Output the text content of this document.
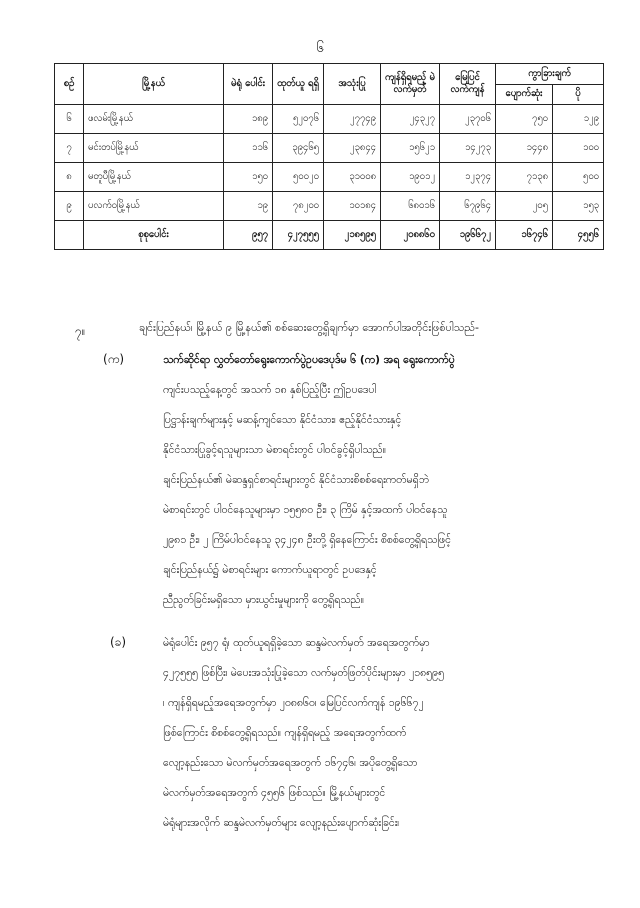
၆
စဉ်	မြို့နယ်	မဲရုံ ပေါင်း	ထုတ်ယူ ရရှိ	အသုံးပြု	ကျန်ရှိရမည့် မဲလက်မှတ်	မြေပြင် လက်ကျန်	ကွာခြားချက်	
							ပျောက်ဆုံး	ပို
၆	ဖလမ်းမြို့နယ်	၁၈၉	၅၂၀၇၆	၂၇၇၄၉	၂၄၃၂၇	၂၃၇၀၆	၇၅၀	၁၂၉
၇	မင်းတပ်မြို့နယ်	၁၁၆	၃၉၄၆၅	၂၃၈၄၄	၁၅၆၂၁	၁၄၂၇၃	၁၄၄၈	၁၀၀
၈	မတူပီမြို့နယ်	၁၅၀	၅၀၀၂၀	၃၁၀၀၈	၁၉၀၁၂	၁၂၃၇၄	၇၁၃၈	၅၀၀
၉	ပလက်ဝမြို့နယ်	၁၉	၇၈၂၀၀	၁၀၁၈၄	၆၈၀၁၆	၆၇၉၆၄	၂၀၅	၁၅၃
	စုစုပေါင်း	၉၅၇	၄၂၇၅၅၅	၂၁၈၅၉၅	၂၀၈၈၆၀	၁၉၆၆၇၂	၁၆၇၄၆	၄၅၅၆
၇။	ချင်းပြည်နယ်၊ မြို့နယ် ၉ မြို့နယ်၏ စစ်ဆေးတွေ့ရှိချက်မှာ အောက်ပါအတိုင်းဖြစ်ပါသည်-
(က)	သက်ဆိုင်ရာ လွှတ်တော်ရွေးကောက်ပွဲဥပဒေပုဒ်မ ၆ (က) အရ ရွေးကောက်ပွဲ
ကျင်းပသည့်နေ့တွင် အသက် ၁၈ နှစ်ပြည့်ပြီး ဤဥပဒေပါ
ပြဋ္ဌာန်းချက်များနှင့် မဆန့်ကျင်သော နိုင်ငံသား၊ ဧည့်နိုင်ငံသားနှင့်
နိုင်ငံသားပြုခွင့်ရသူများသာ မဲစာရင်းတွင် ပါဝင်ခွင့်ရှိပါသည်။
ချင်းပြည်နယ်၏ မဲဆန္ဒရှင်စာရင်းများတွင် နိုင်ငံသားစိစစ်ရေးကတ်မရှိဘဲ
မဲစာရင်းတွင် ပါဝင်နေသူများမှာ ၁၅၅၈၀ ဦး၊ ၃ ကြိမ် နှင့်အထက် ပါဝင်နေသူ
၂၉၈၁ ဦး၊ ၂ ကြိမ်ပါဝင်နေသူ ၃၄၂၄၈ ဦးတို့ ရှိနေကြောင်း စိစစ်တွေ့ရှိရသဖြင့်
ချင်းပြည်နယ်၌ မဲစာရင်းများ ကောက်ယူရာတွင် ဥပဒေနှင့်
ညီညွတ်ခြင်းမရှိသော မှားယွင်းမှုများကို တွေ့ရှိရသည်။
(ခ)	မဲရုံပေါင်း ၉၅၇ ရုံ၊ ထုတ်ယူရရှိခဲ့သော ဆန္ဒမဲလက်မှတ် အရေအတွက်မှာ
၄၂၇၅၅၅ ဖြစ်ပြီး၊ မဲပေးအသုံးပြုခဲ့သော လက်မှတ်ဖြတ်ပိုင်းများမှာ ၂၁၈၅၉၅
၊ ကျန်ရှိရမည့်အရေအတွက်မှာ ၂၀၈၈၆၀၊ မြေပြင်လက်ကျန် ၁၉၆၆၇၂
ဖြစ်ကြောင်း စိစစ်တွေ့ရှိရသည်။ ကျန်ရှိရမည့် အရေအတွက်ထက်
လျော့နည်းသော မဲလက်မှတ်အရေအတွက် ၁၆၇၄၆၊ အပိုတွေ့ရှိသော
မဲလက်မှတ်အရေအတွက် ၄၅၅၆ ဖြစ်သည်။ မြို့နယ်များတွင်
မဲရုံများအလိုက် ဆန္ဒမဲလက်မှတ်များ လျော့နည်းပျောက်ဆုံးခြင်း၊
